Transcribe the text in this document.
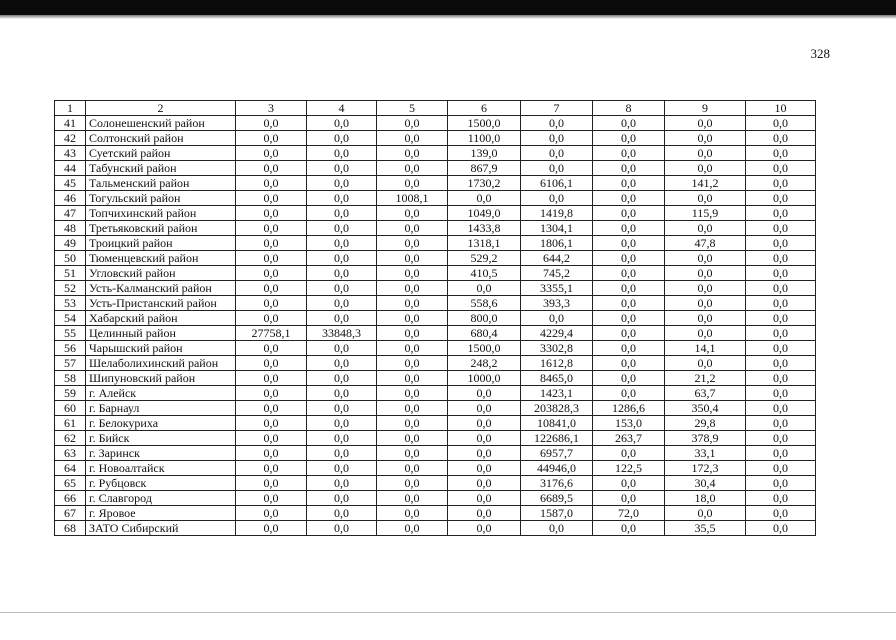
328
1	2	3	4	5	6	7	8	9	10
41	Солонешенский район	0,0	0,0	0,0	1500,0	0,0	0,0	0,0	0,0
42	Солтонский район	0,0	0,0	0,0	1100,0	0,0	0,0	0,0	0,0
43	Суетский район	0,0	0,0	0,0	139,0	0,0	0,0	0,0	0,0
44	Табунский район	0,0	0,0	0,0	867,9	0,0	0,0	0,0	0,0
45	Тальменский район	0,0	0,0	0,0	1730,2	6106,1	0,0	141,2	0,0
46	Тогульский район	0,0	0,0	1008,1	0,0	0,0	0,0	0,0	0,0
47	Топчихинский район	0,0	0,0	0,0	1049,0	1419,8	0,0	115,9	0,0
48	Третьяковский район	0,0	0,0	0,0	1433,8	1304,1	0,0	0,0	0,0
49	Троицкий район	0,0	0,0	0,0	1318,1	1806,1	0,0	47,8	0,0
50	Тюменцевский район	0,0	0,0	0,0	529,2	644,2	0,0	0,0	0,0
51	Угловский район	0,0	0,0	0,0	410,5	745,2	0,0	0,0	0,0
52	Усть-Калманский район	0,0	0,0	0,0	0,0	3355,1	0,0	0,0	0,0
53	Усть-Пристанский район	0,0	0,0	0,0	558,6	393,3	0,0	0,0	0,0
54	Хабарский район	0,0	0,0	0,0	800,0	0,0	0,0	0,0	0,0
55	Целинный район	27758,1	33848,3	0,0	680,4	4229,4	0,0	0,0	0,0
56	Чарышский район	0,0	0,0	0,0	1500,0	3302,8	0,0	14,1	0,0
57	Шелаболихинский район	0,0	0,0	0,0	248,2	1612,8	0,0	0,0	0,0
58	Шипуновский район	0,0	0,0	0,0	1000,0	8465,0	0,0	21,2	0,0
59	г. Алейск	0,0	0,0	0,0	0,0	1423,1	0,0	63,7	0,0
60	г. Барнаул	0,0	0,0	0,0	0,0	203828,3	1286,6	350,4	0,0
61	г. Белокуриха	0,0	0,0	0,0	0,0	10841,0	153,0	29,8	0,0
62	г. Бийск	0,0	0,0	0,0	0,0	122686,1	263,7	378,9	0,0
63	г. Заринск	0,0	0,0	0,0	0,0	6957,7	0,0	33,1	0,0
64	г. Новоалтайск	0,0	0,0	0,0	0,0	44946,0	122,5	172,3	0,0
65	г. Рубцовск	0,0	0,0	0,0	0,0	3176,6	0,0	30,4	0,0
66	г. Славгород	0,0	0,0	0,0	0,0	6689,5	0,0	18,0	0,0
67	г. Яровое	0,0	0,0	0,0	0,0	1587,0	72,0	0,0	0,0
68	ЗАТО Сибирский	0,0	0,0	0,0	0,0	0,0	0,0	35,5	0,0
